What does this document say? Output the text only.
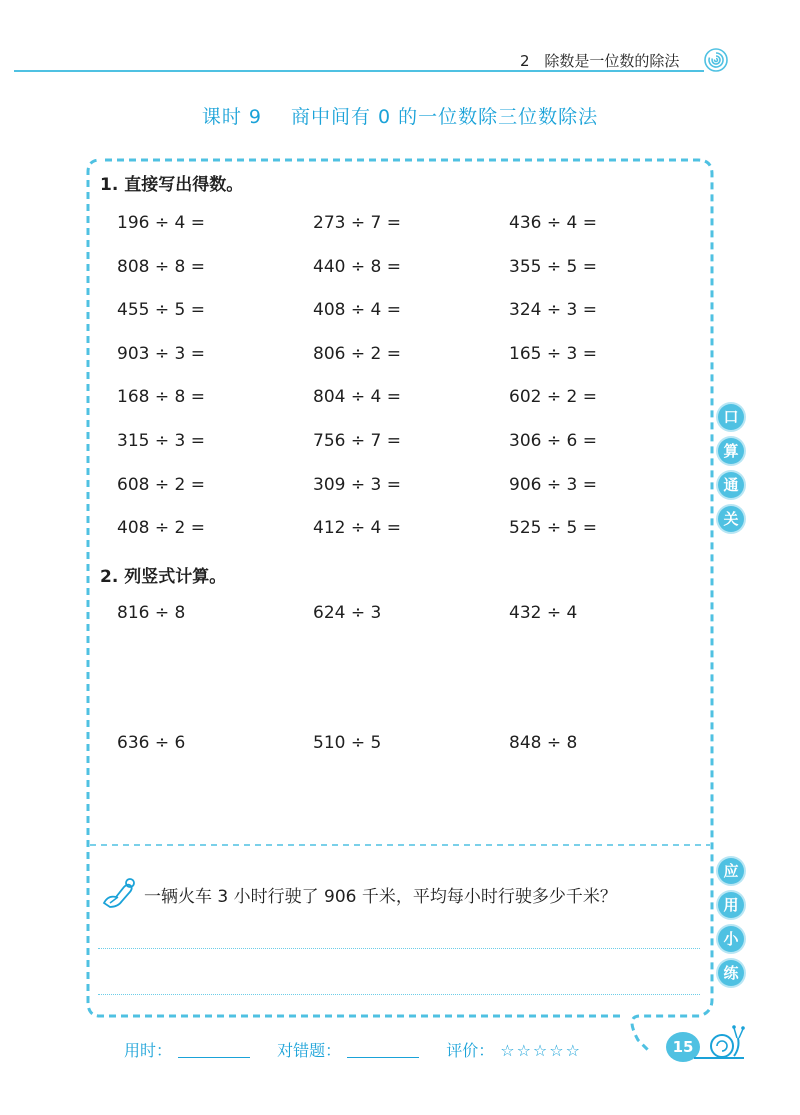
2 除数是一位数的除法
课时 9 商中间有 0 的一位数除三位数除法
1. 直接写出得数。
196 ÷ 4 =	273 ÷ 7 =	436 ÷ 4 =
808 ÷ 8 =	440 ÷ 8 =	355 ÷ 5 =
455 ÷ 5 =	408 ÷ 4 =	324 ÷ 3 =
903 ÷ 3 =	806 ÷ 2 =	165 ÷ 3 =
168 ÷ 8 =	804 ÷ 4 =	602 ÷ 2 =
315 ÷ 3 =	756 ÷ 7 =	306 ÷ 6 =
608 ÷ 2 =	309 ÷ 3 =	906 ÷ 3 =
408 ÷ 2 =	412 ÷ 4 =	525 ÷ 5 =
2. 列竖式计算。
816 ÷ 8	624 ÷ 3	432 ÷ 4
636 ÷ 6	510 ÷ 5	848 ÷ 8
口
算
通
关
应
用
小
练
一辆火车 3 小时行驶了 906 千米，平均每小时行驶多少千米？
用时：	对错题：	评价： ☆☆☆☆☆	15
